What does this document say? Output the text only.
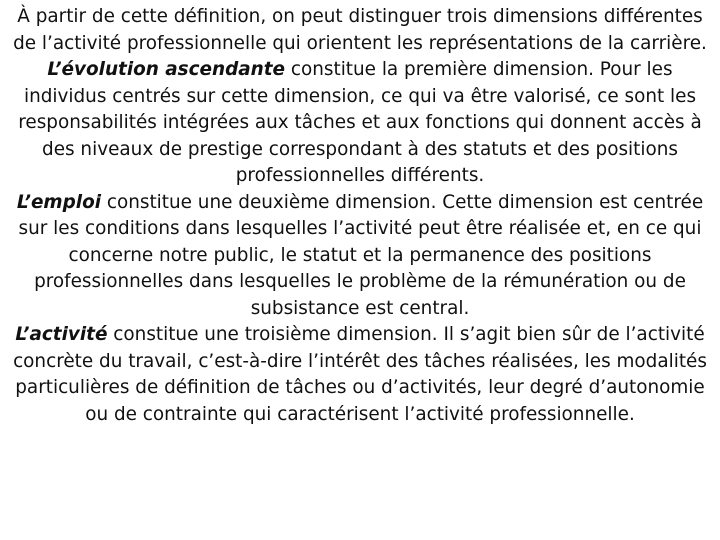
À partir de cette définition, on peut distinguer trois dimensions différentes de l’activité professionnelle qui orientent les représentations de la carrière.

L’évolution ascendante constitue la première dimension. Pour les individus centrés sur cette dimension, ce qui va être valorisé, ce sont les responsabilités intégrées aux tâches et aux fonctions qui donnent accès à des niveaux de prestige correspondant à des statuts et des positions professionnelles différents.

L’emploi constitue une deuxième dimension. Cette dimension est centrée sur les conditions dans lesquelles l’activité peut être réalisée et, en ce qui concerne notre public, le statut et la permanence des positions professionnelles dans lesquelles le problème de la rémunération ou de subsistance est central.

L’activité constitue une troisième dimension. Il s’agit bien sûr de l’activité concrète du travail, c’est-à-dire l’intérêt des tâches réalisées, les modalités particulières de définition de tâches ou d’activités, leur degré d’autonomie ou de contrainte qui caractérisent l’activité professionnelle.
